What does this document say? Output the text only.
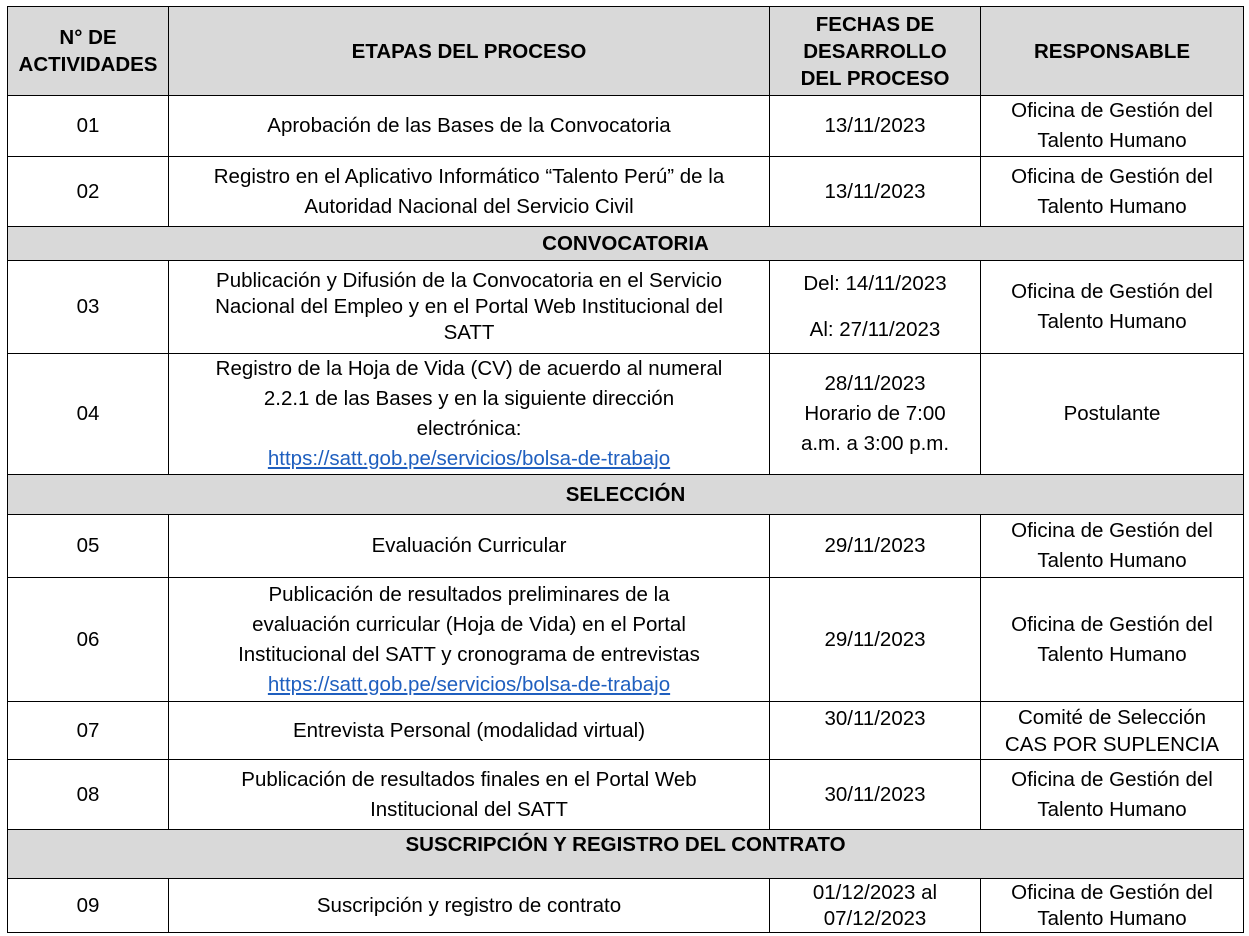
N° DE
ACTIVIDADES	ETAPAS DEL PROCESO	FECHAS DE
DESARROLLO
DEL PROCESO	RESPONSABLE
01	Aprobación de las Bases de la Convocatoria	13/11/2023	Oficina de Gestión del
Talento Humano

02	Registro en el Aplicativo Informático “Talento Perú” de la
Autoridad Nacional del Servicio Civil	13/11/2023	Oficina de Gestión del
Talento Humano

CONVOCATORIA			
03	Publicación y Difusión de la Convocatoria en el Servicio
Nacional del Empleo y en el Portal Web Institucional del
SATT	Del: 14/11/2023
Al: 27/11/2023	Oficina de Gestión del
Talento Humano

04	Registro de la Hoja de Vida (CV) de acuerdo al numeral
2.2.1 de las Bases y en la siguiente dirección
electrónica:
https://satt.gob.pe/servicios/bolsa-de-trabajo	28/11/2023
Horario de 7:00
a.m. a 3:00 p.m.	Postulante
SELECCIÓN			
05	Evaluación Curricular	29/11/2023	Oficina de Gestión del
Talento Humano

06	Publicación de resultados preliminares de la
evaluación curricular (Hoja de Vida) en el Portal
Institucional del SATT y cronograma de entrevistas
https://satt.gob.pe/servicios/bolsa-de-trabajo	29/11/2023	Oficina de Gestión del
Talento Humano

07	Entrevista Personal (modalidad virtual)	30/11/2023	Comité de Selección
CAS POR SUPLENCIA

08	Publicación de resultados finales en el Portal Web
Institucional del SATT	30/11/2023	Oficina de Gestión del
Talento Humano

SUSCRIPCIÓN Y REGISTRO DEL CONTRATO			
09	Suscripción y registro de contrato	01/12/2023 al
07/12/2023	Oficina de Gestión del
Talento Humano
